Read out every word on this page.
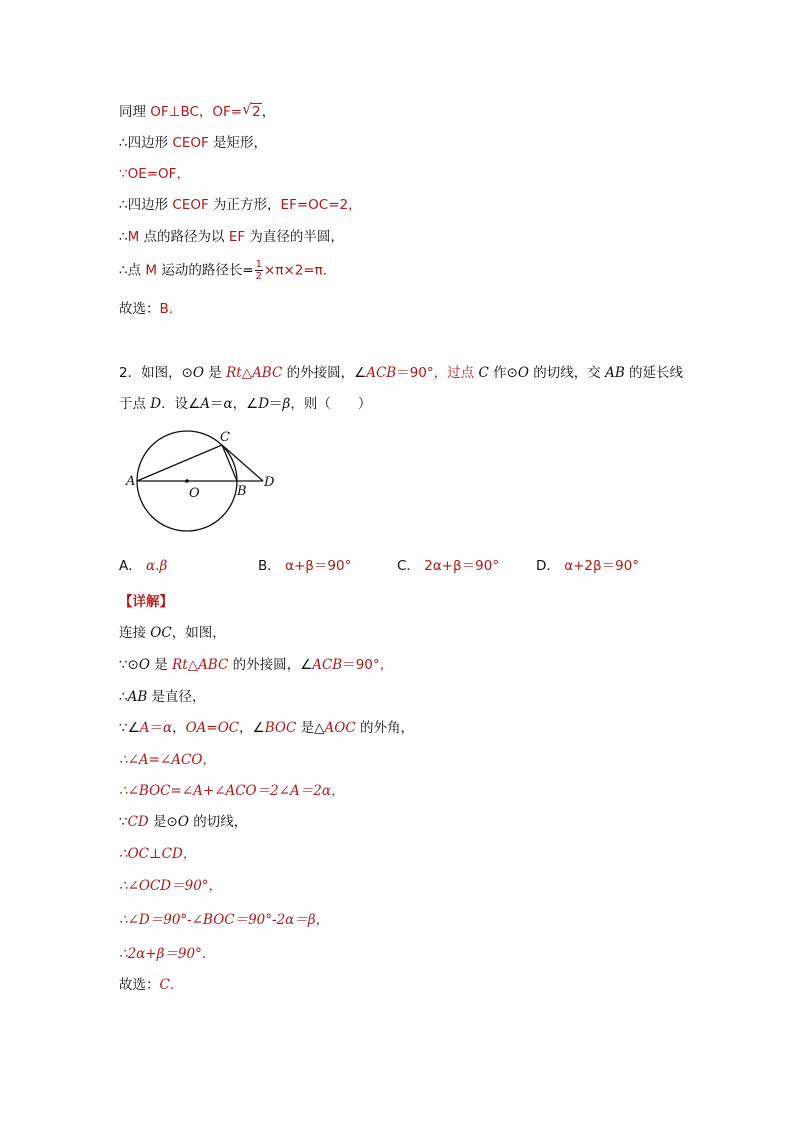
同理 OF⊥BC，OF= √ 2，
∴四边形 CEOF 是矩形，
∵OE=OF，
∴四边形 CEOF 为正方形，EF=OC=2，
∴M 点的路径为以 EF 为直径的半圆，
∴点 M 运动的路径长= $\frac{1}{2} \times\pi\times 2=\pi$．
故选：B．
2．如图，⊙O 是 Rt△ABC 的外接圆，∠ACB＝90°，过点 C 作⊙O 的切线，交 AB 的延长线
于点 D．设∠A＝α，∠D＝β，则（　　）
A
O	B
C
D
A． α.β	B． α+β＝90°	C． 2α+β＝90°	D． α+2β＝90°
【详解】
连接 OC，如图，
∵⊙O 是 Rt△ABC 的外接圆，∠ACB＝90°，
∴AB 是直径，
∵∠A＝α，OA=OC，∠BOC 是△AOC 的外角，
∴∠A=∠ACO，
∴∠BOC=∠A+∠ACO＝2∠A＝2α，
∵CD 是⊙O 的切线，
∴OC⊥CD，
∴∠OCD＝90°，
∴∠D＝90°-∠BOC＝90°-2α＝β，
∴2α+β＝90°．
故选：C．
